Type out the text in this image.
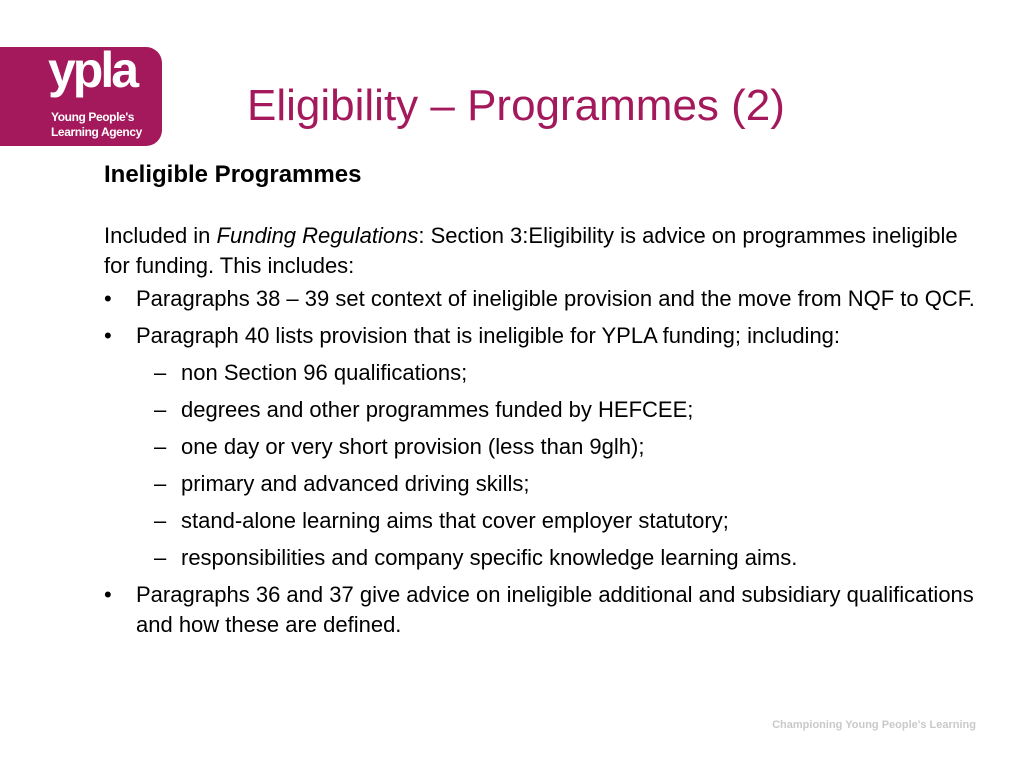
ypla
Young People's
Learning Agency
Eligibility – Programmes (2)
Ineligible Programmes

Included in Funding Regulations: Section 3:Eligibility is advice on programmes ineligible for funding. This includes:

• Paragraphs 38 – 39 set context of ineligible provision and the move from NQF to QCF.
• Paragraph 40 lists provision that is ineligible for YPLA funding; including:
– non Section 96 qualifications;
– degrees and other programmes funded by HEFCEE;
– one day or very short provision (less than 9glh);
– primary and advanced driving skills;
– stand-alone learning aims that cover employer statutory;
– responsibilities and company specific knowledge learning aims.
• Paragraphs 36 and 37 give advice on ineligible additional and subsidiary qualifications and how these are defined.
Championing Young People's Learning
